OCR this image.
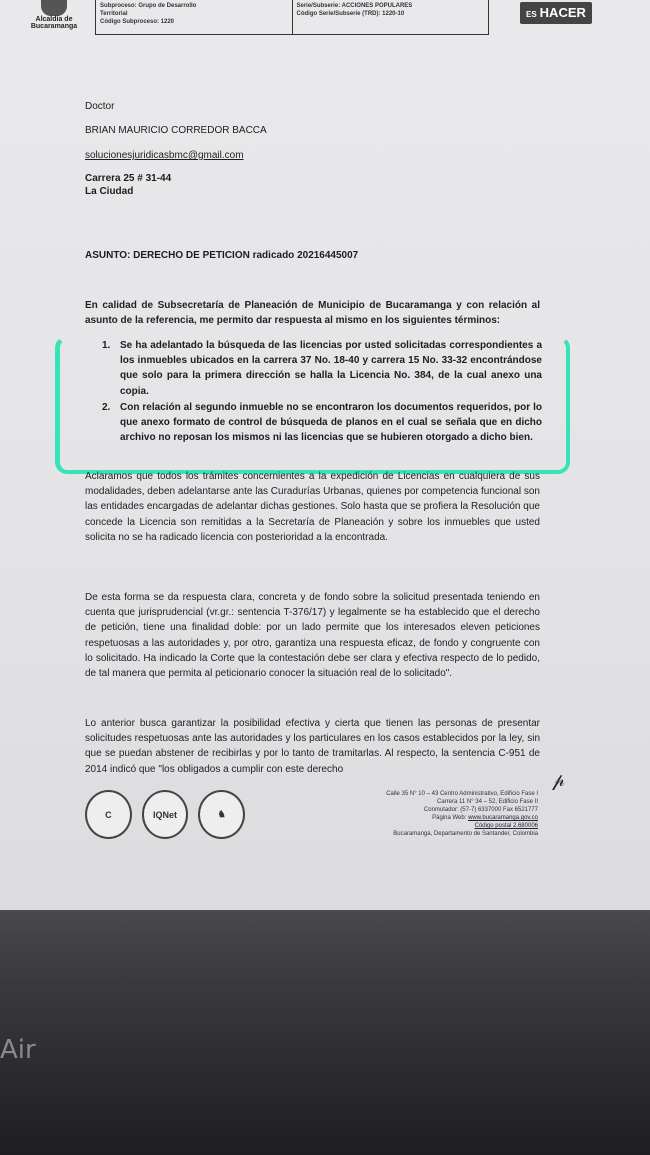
Alcaldía de
Bucaramanga
Subproceso: Grupo de Desarrollo
Territorial
Código Subproceso: 1220
Serie/Subserie: ACCIONES POPULARES
Código Serie/Subserie (TRD): 1220-10	ES HACER
Doctor
BRIAN MAURICIO CORREDOR BACCA
solucionesjuridicasbmc@gmail.com
Carrera 25 # 31-44
La Ciudad
ASUNTO: DERECHO DE PETICION radicado 20216445007
En calidad de Subsecretaría de Planeación de Municipio de Bucaramanga y con relación al asunto de la referencia, me permito dar respuesta al mismo en los siguientes términos:
1. Se ha adelantado la búsqueda de las licencias por usted solicitadas correspondientes a los inmuebles ubicados en la carrera 37 No. 18-40 y carrera 15 No. 33-32 encontrándose que solo para la primera dirección se halla la Licencia No. 384, de la cual anexo una copia.
2. Con relación al segundo inmueble no se encontraron los documentos requeridos, por lo que anexo formato de control de búsqueda de planos en el cual se señala que en dicho archivo no reposan los mismos ni las licencias que se hubieren otorgado a dicho bien.
Aclaramos que todos los trámites concernientes a la expedición de Licencias en cualquiera de sus modalidades, deben adelantarse ante las Curadurías Urbanas, quienes por competencia funcional son las entidades encargadas de adelantar dichas gestiones. Solo hasta que se profiera la Resolución que concede la Licencia son remitidas a la Secretaría de Planeación y sobre los inmuebles que usted solicita no se ha radicado licencia con posterioridad a la encontrada.
De esta forma se da respuesta clara, concreta y de fondo sobre la solicitud presentada teniendo en cuenta que jurisprudencial (vr.gr.: sentencia T-376/17) y legalmente se ha establecido que el derecho de petición, tiene una finalidad doble: por un lado permite que los interesados eleven peticiones respetuosas a las autoridades y, por otro, garantiza una respuesta eficaz, de fondo y congruente con lo solicitado. Ha indicado la Corte que la contestación debe ser clara y efectiva respecto de lo pedido, de tal manera que permita al peticionario conocer la situación real de lo solicitado".
Lo anterior busca garantizar la posibilidad efectiva y cierta que tienen las personas de presentar solicitudes respetuosas ante las autoridades y los particulares en los casos establecidos por la ley, sin que se puedan abstener de recibirlas y por lo tanto de tramitarlas. Al respecto, la sentencia C-951 de 2014 indicó que "los obligados a cumplir con este derecho
𝓅
C	IQNet	♞
Calle 35 N° 10 – 43 Centro Administrativo, Edificio Fase I
Carrera 11 N° 34 – 52, Edificio Fase II
Conmutador: (57-7) 6337000 Fax 6521777
Página Web: www.bucaramanga.gov.co
Código postal 2.680006
Bucaramanga, Departamento de Santander, Colombia
Air
